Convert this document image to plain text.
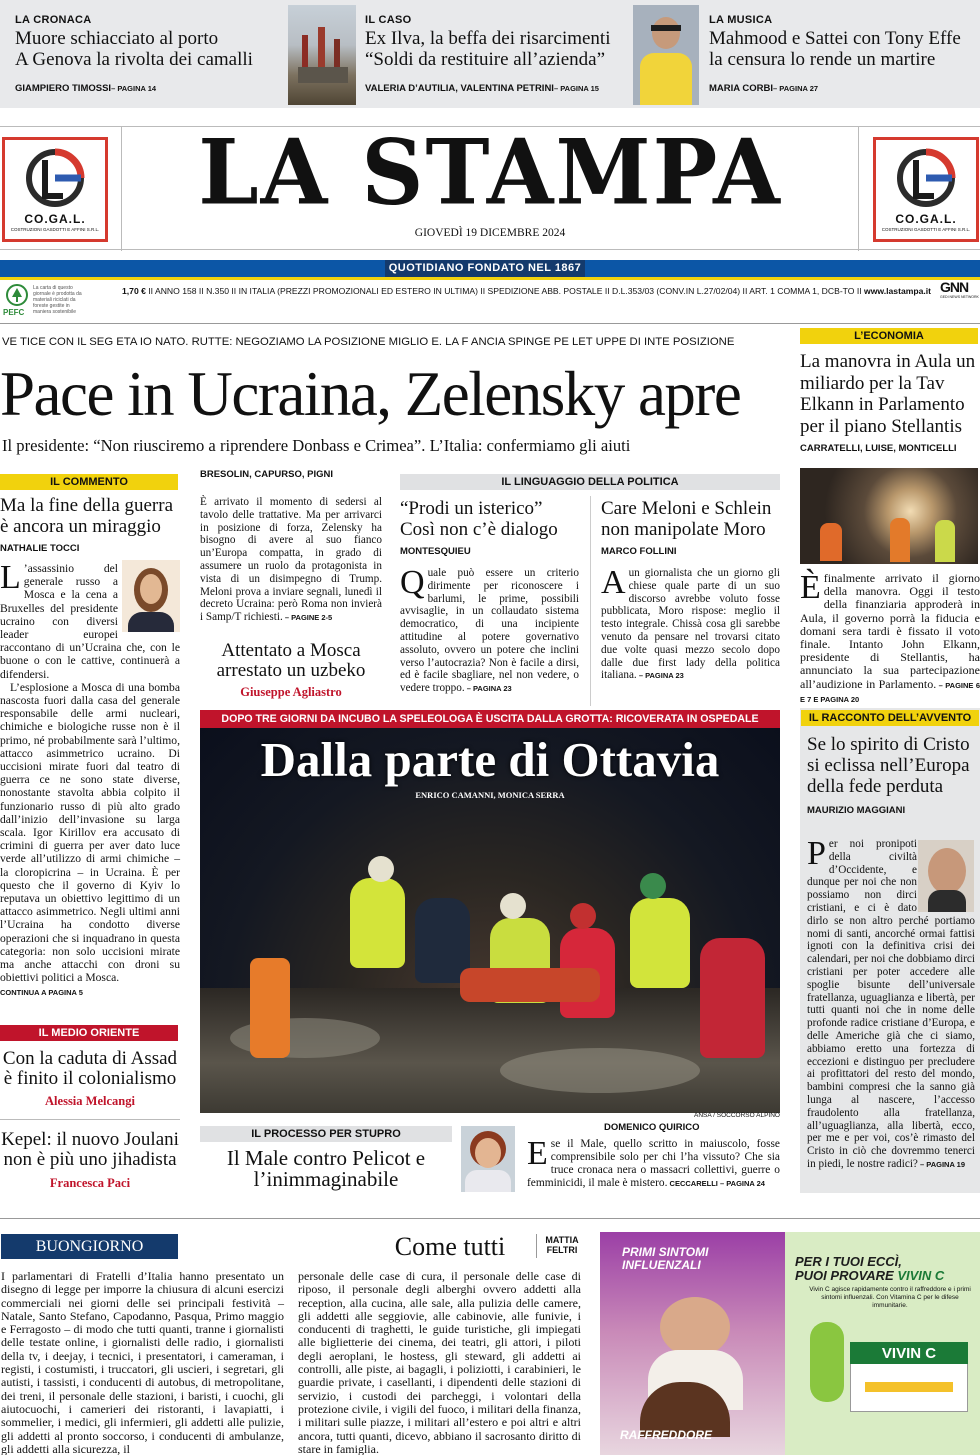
LA CRONACA
Muore schiacciato al porto
A Genova la rivolta dei camalli
GIAMPIERO TIMOSSI– PAGINA 14
IL CASO
Ex Ilva, la beffa dei risarcimenti
“Soldi da restituire all’azienda”
VALERIA D’AUTILIA, VALENTINA PETRINI– PAGINA 15
LA MUSICA
Mahmood e Sattei con Tony Effe
la censura lo rende un martire
MARIA CORBI– PAGINA 27
CO.GA.L.
COSTRUZIONI GASDOTTI E AFFINI S.R.L.
CO.GA.L.
COSTRUZIONI GASDOTTI E AFFINI S.R.L.
LA STAMPA
GIOVEDÌ 19 DICEMBRE 2024
QUOTIDIANO FONDATO NEL 1867
PEFC
La carta di questo giornale è prodotta da materiali riciclati da foreste gestite in maniera sostenibile
1,70 € II ANNO 158 II N.350 II IN ITALIA (PREZZI PROMOZIONALI ED ESTERO IN ULTIMA) II SPEDIZIONE ABB. POSTALE II D.L.353/03 (CONV.IN L.27/02/04) II ART. 1 COMMA 1, DCB-TO II www.lastampa.it GNN
GEDI NEWS NETWORK
VE TICE CON IL SEG ETA IO NATO. RUTTE: NEGOZIAMO LA POSIZIONE MIGLIO E. LA F ANCIA SPINGE PE LET UPPE DI INTE POSIZIONE
Pace in Ucraina, Zelensky apre
Il presidente: “Non riusciremo a riprendere Donbass e Crimea”. L’Italia: confermiamo gli aiuti
L’ECONOMIA
La manovra in Aula un miliardo per la Tav Elkann in Parlamento per il piano Stellantis
CARRATELLI, LUISE, MONTICELLI
È finalmente arrivato il giorno della manovra. Oggi il testo della finanziaria approderà in Aula, il governo porrà la fiducia e domani sera tardi è fissato il voto finale. Intanto John Elkann, presidente di Stellantis, ha annunciato la sua partecipazione all’audizione in Parlamento. – PAGINE 6 E 7 E PAGINA 20
IL COMMENTO
Ma la fine della guerra è ancora un miraggio
NATHALIE TOCCI
L ’assassinio del generale russo a Mosca e la cena a Bruxelles del presidente ucraino con diversi leader europei raccontano di un’Ucraina che, con le buone o con le cattive, continuerà a difendersi.
L’esplosione a Mosca di una bomba nascosta fuori dalla casa del generale responsabile delle armi nucleari, chimiche e biologiche russe non è il primo, né probabilmente sarà l’ultimo, attacco asimmetrico ucraino. Di uccisioni mirate fuori dal teatro di guerra ce ne sono state diverse, nonostante stavolta abbia colpito il funzionario russo di più alto grado dall’inizio dell’invasione su larga scala. Igor Kirillov era accusato di crimini di guerra per aver dato luce verde all’utilizzo di armi chimiche – la cloropicrina – in Ucraina. È per questo che il governo di Kyiv lo reputava un obiettivo legittimo di un attacco asimmetrico. Negli ultimi anni l’Ucraina ha condotto diverse operazioni che si inquadrano in questa categoria: non solo uccisioni mirate ma anche attacchi con droni su obiettivi politici a Mosca.
CONTINUA A PAGINA 5
IL MEDIO ORIENTE
Con la caduta di Assad è finito il colonialismo
Alessia Melcangi
Kepel: il nuovo Joulani non è più uno jihadista
Francesca Paci
BRESOLIN, CAPURSO, PIGNI
È arrivato il momento di sedersi al tavolo delle trattative. Ma per arrivarci in posizione di forza, Zelensky ha bisogno di avere al suo fianco un’Europa compatta, in grado di assumere un ruolo da protagonista in vista di un disimpegno di Trump. Meloni prova a inviare segnali, lunedì il decreto Ucraina: però Roma non invierà i Samp/T richiesti. – PAGINE 2-5
Attentato a Mosca arrestato un uzbeko
Giuseppe Agliastro
IL LINGUAGGIO DELLA POLITICA
“Prodi un isterico” Così non c’è dialogo
MONTESQUIEU
Quale può essere un criterio dirimente per riconoscere i barlumi, le prime, possibili avvisaglie, in un collaudato sistema democratico, di una incipiente attitudine al potere governativo assoluto, ovvero un potere che inclini verso l’autocrazia? Non è facile a dirsi, ed è facile sbagliare, nel non vedere, o vedere troppo. – PAGINA 23
Care Meloni e Schlein non manipolate Moro
MARCO FOLLINI
Aun giornalista che un giorno gli chiese quale parte di un suo discorso avrebbe voluto fosse pubblicata, Moro rispose: meglio il testo integrale. Chissà cosa gli sarebbe venuto da pensare nel trovarsi citato due volte quasi mezzo secolo dopo dalle due first lady della politica italiana. – PAGINA 23
DOPO TRE GIORNI DA INCUBO LA SPELEOLOGA È USCITA DALLA GROTTA: RICOVERATA IN OSPEDALE
Dalla parte di Ottavia
ENRICO CAMANNI, MONICA SERRA
ANSA / SOCCORSO ALPINO
IL PROCESSO PER STUPRO
Il Male contro Pelicot e l’inimmaginabile
DOMENICO QUIRICO
Ese il Male, quello scritto in maiuscolo, fosse comprensibile solo per chi l’ha vissuto? Che sia truce cronaca nera o massacri collettivi, guerre o femminicidi, il male è mistero. CECCARELLI – PAGINA 24
IL RACCONTO DELL’AVVENTO
Se lo spirito di Cristo si eclissa nell’Europa della fede perduta
MAURIZIO MAGGIANI
Per noi pronipoti della civiltà d’Occidente, e dunque per noi che non possiamo non dirci cristiani, e ci è dato dirlo se non altro perché portiamo nomi di santi, ancorché ormai fattisi ignoti con la definitiva crisi dei calendari, per noi che dobbiamo dirci cristiani per poter accedere alle spoglie bisunte dell’universale fratellanza, uguaglianza e libertà, per tutti quanti noi che in nome delle profonde radice cristiane d’Europa, e delle Americhe già che ci siamo, abbiamo eretto una fortezza di eccezioni e distinguo per precludere ai profittatori del resto del mondo, bambini compresi che la sanno già lunga al nascere, l’accesso fraudolento alla fratellanza, all’uguaglianza, alla libertà, ecco, per me e per voi, cos’è rimasto del Cristo in ciò che dovremmo tenerci in piedi, le nostre radici? – PAGINA 19
BUONGIORNO	Come tutti	MATTIA FELTRI
I parlamentari di Fratelli d’Italia hanno presentato un disegno di legge per imporre la chiusura di alcuni esercizi commerciali nei giorni delle sei principali festività – Natale, Santo Stefano, Capodanno, Pasqua, Primo maggio e Ferragosto – di modo che tutti quanti, tranne i giornalisti delle testate online, i giornalisti delle radio, i giornalisti della tv, i deejay, i tecnici, i presentatori, i cameraman, i registi, i costumisti, i truccatori, gli uscieri, i segretari, gli autisti, i tassisti, i conducenti di autobus, di metropolitane, dei treni, il personale delle stazioni, i baristi, i cuochi, gli aiutocuochi, i camerieri dei ristoranti, i lavapiatti, i sommelier, i medici, gli infermieri, gli addetti alle pulizie, gli addetti al pronto soccorso, i conducenti di ambulanze, gli addetti alla sicurezza, il
personale delle case di cura, il personale delle case di riposo, il personale degli alberghi ovvero addetti alla reception, alla cucina, alle sale, alla pulizia delle camere, gli addetti alle seggiovie, alle cabinovie, alle funivie, i conducenti di traghetti, le guide turistiche, gli impiegati alle biglietterie dei cinema, dei teatri, gli attori, i piloti degli aeroplani, le hostess, gli steward, gli addetti ai controlli, alle piste, ai bagagli, i poliziotti, i carabinieri, le guardie private, i casellanti, i dipendenti delle stazioni di servizio, i custodi dei parcheggi, i volontari della protezione civile, i vigili del fuoco, i militari della finanza, i militari sulle piazze, i militari all’estero e poi altri e altri ancora, tutti quanti, dicevo, abbiano il sacrosanto diritto di stare in famiglia.
PRIMI SINTOMI
INFLUENZALI
RAFFREDDORE
PER I TUOI ECCÌ,
PUOI PROVARE VIVIN C
Vivin C agisce rapidamente contro il raffreddore e i primi sintomi influenzali. Con Vitamina C per le difese immunitarie.
VIVIN C
